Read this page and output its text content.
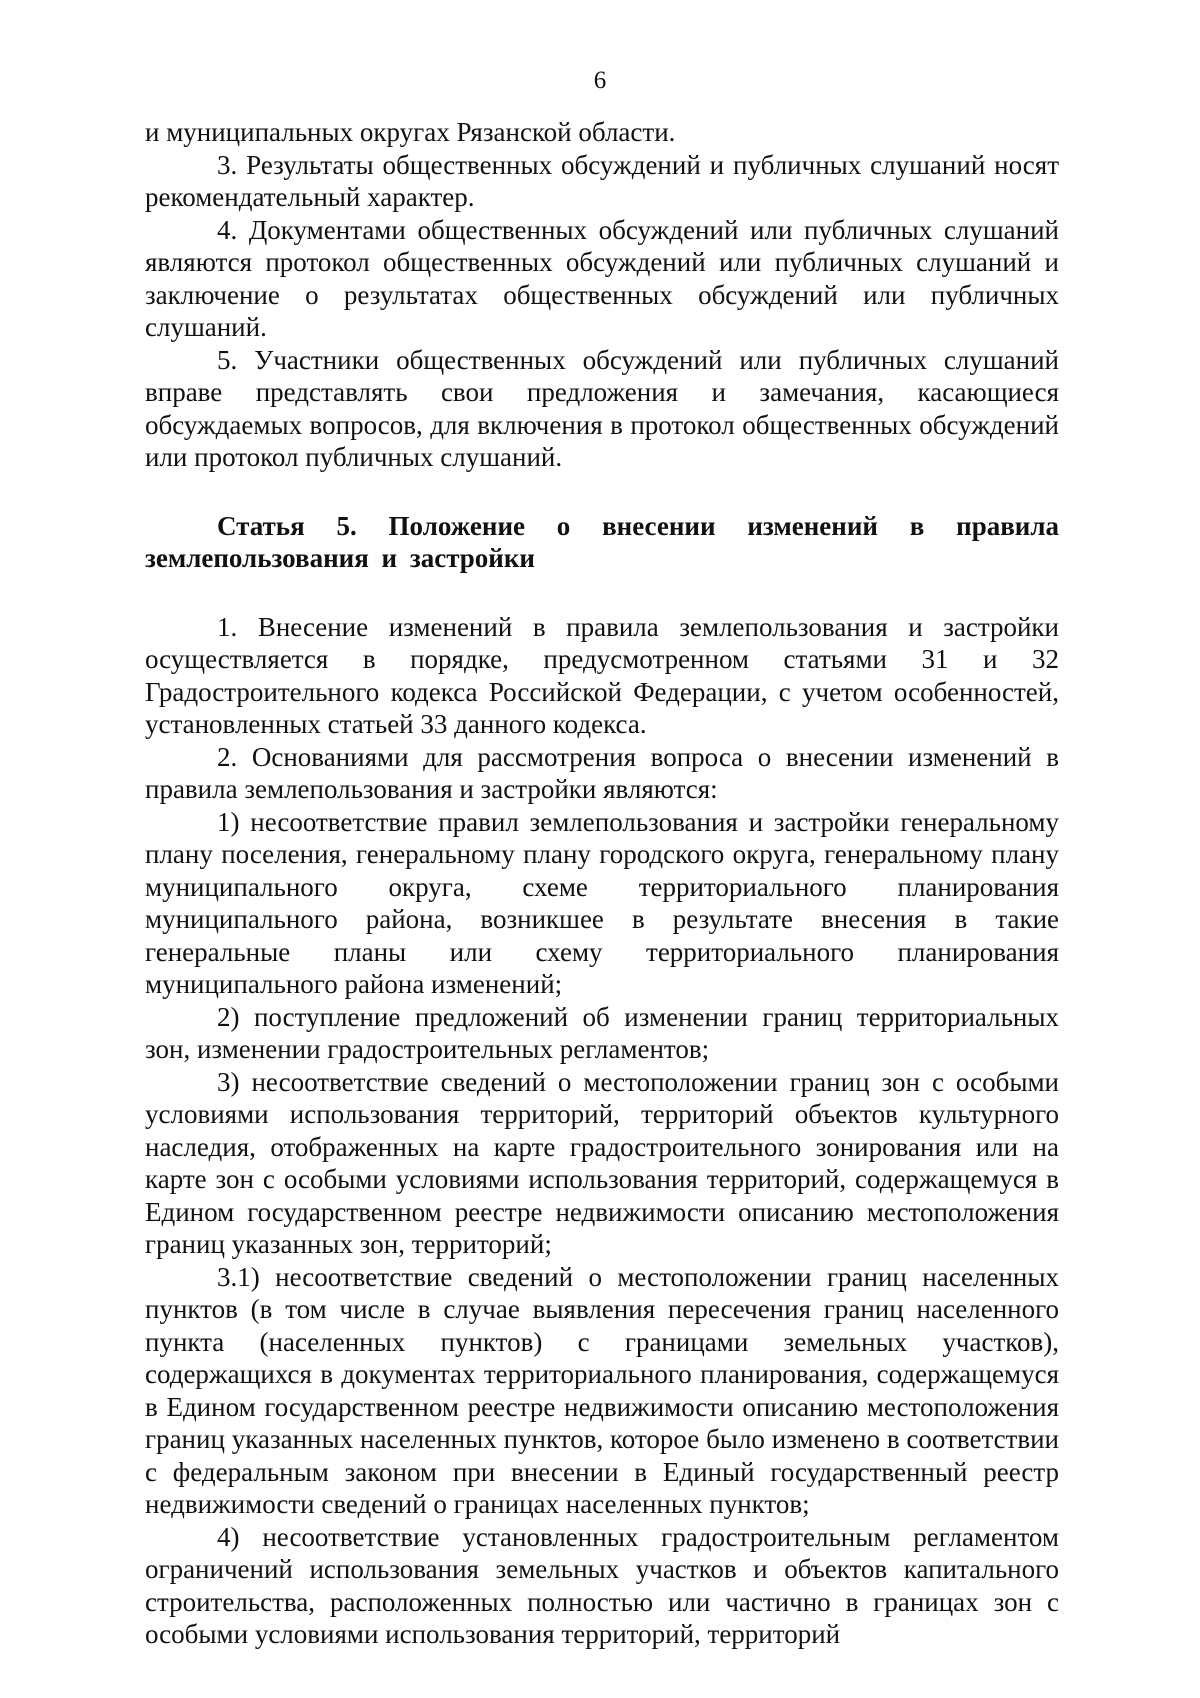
6

и муниципальных округах Рязанской области.

3. Результаты общественных обсуждений и публичных слушаний носят рекомендательный характер.

4. Документами общественных обсуждений или публичных слушаний являются протокол общественных обсуждений или публичных слушаний и заключение о результатах общественных обсуждений или публичных слушаний.

5. Участники общественных обсуждений или публичных слушаний вправе представлять свои предложения и замечания, касающиеся обсуждаемых вопросов, для включения в протокол общественных обсуждений или протокол публичных слушаний.

Статья 5. Положение о внесении изменений в правила землепользования и застройки

1. Внесение изменений в правила землепользования и застройки осуществляется в порядке, предусмотренном статьями 31 и 32 Градостроительного кодекса Российской Федерации, с учетом особенностей, установленных статьей 33 данного кодекса.

2. Основаниями для рассмотрения вопроса о внесении изменений в правила землепользования и застройки являются:

1) несоответствие правил землепользования и застройки генеральному плану поселения, генеральному плану городского округа, генеральному плану муниципального округа, схеме территориального планирования муниципального района, возникшее в результате внесения в такие генеральные планы или схему территориального планирования муниципального района изменений;

2) поступление предложений об изменении границ территориальных зон, изменении градостроительных регламентов;

3) несоответствие сведений о местоположении границ зон с особыми условиями использования территорий, территорий объектов культурного наследия, отображенных на карте градостроительного зонирования или на карте зон с особыми условиями использования территорий, содержащемуся в Едином государственном реестре недвижимости описанию местоположения границ указанных зон, территорий;

3.1) несоответствие сведений о местоположении границ населенных пунктов (в том числе в случае выявления пересечения границ населенного пункта (населенных пунктов) с границами земельных участков), содержащихся в документах территориального планирования, содержащемуся в Едином государственном реестре недвижимости описанию местоположения границ указанных населенных пунктов, которое было изменено в соответствии с федеральным законом при внесении в Единый государственный реестр недвижимости сведений о границах населенных пунктов;

4) несоответствие установленных градостроительным регламентом ограничений использования земельных участков и объектов капитального строительства, расположенных полностью или частично в границах зон с особыми условиями использования территорий, территорий
